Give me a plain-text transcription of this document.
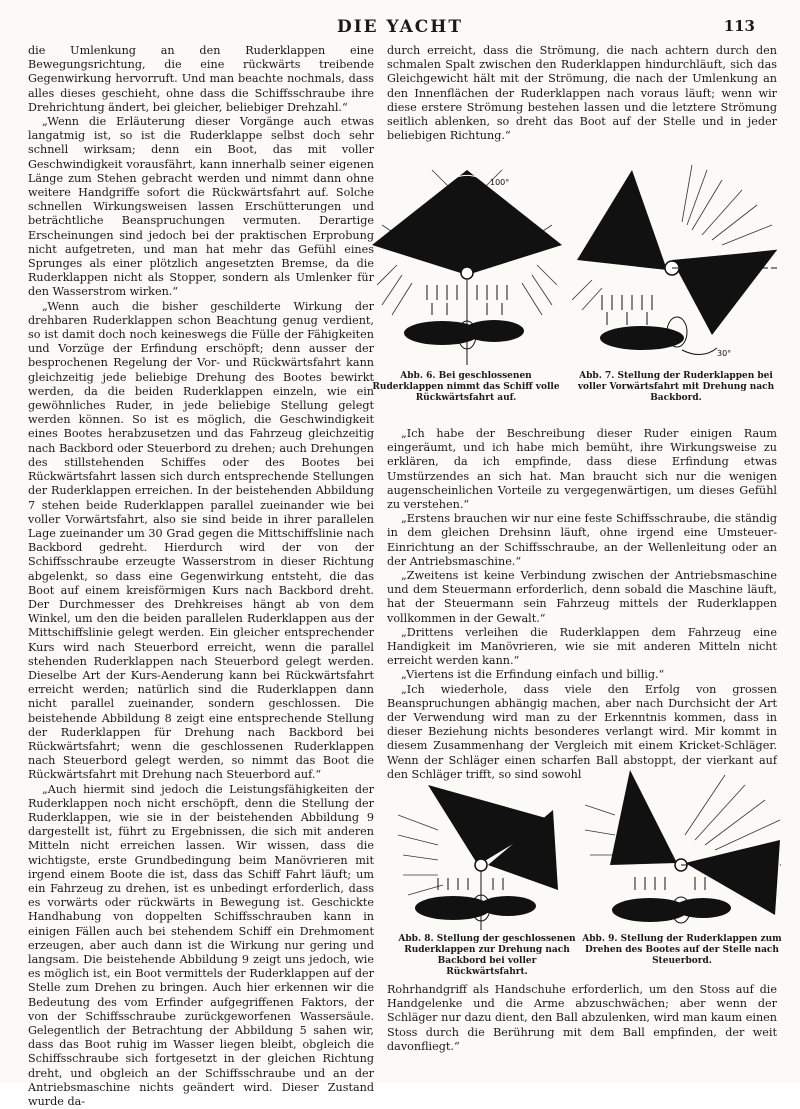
DIE YACHT	113

die Umlenkung an den Ruderklappen eine Bewegungsrichtung, die eine rückwärts treibende Gegenwirkung hervorruft. Und man beachte nochmals, dass alles dieses geschieht, ohne dass die Schiffsschraube ihre Drehrichtung ändert, bei gleicher, beliebiger Drehzahl.“

„Wenn die Erläuterung dieser Vorgänge auch etwas langatmig ist, so ist die Ruderklappe selbst doch sehr schnell wirksam; denn ein Boot, das mit voller Geschwindigkeit vorausfährt, kann innerhalb seiner eigenen Länge zum Stehen gebracht werden und nimmt dann ohne weitere Handgriffe sofort die Rückwärtsfahrt auf. Solche schnellen Wirkungsweisen lassen Erschütterungen und beträchtliche Beanspruchungen vermuten. Derartige Erscheinungen sind jedoch bei der praktischen Erprobung nicht aufgetreten, und man hat mehr das Gefühl eines Sprunges als einer plötzlich angesetzten Bremse, da die Ruderklappen nicht als Stopper, sondern als Umlenker für den Wasserstrom wirken.“

„Wenn auch die bisher geschilderte Wirkung der drehbaren Ruderklappen schon Beachtung genug verdient, so ist damit doch noch keineswegs die Fülle der Fähigkeiten und Vorzüge der Erfindung erschöpft; denn ausser der besprochenen Regelung der Vor- und Rückwärtsfahrt kann gleichzeitig jede beliebige Drehung des Bootes bewirkt werden, da die beiden Ruderklappen einzeln, wie ein gewöhnliches Ruder, in jede beliebige Stellung gelegt werden können. So ist es möglich, die Geschwindigkeit eines Bootes herabzusetzen und das Fahrzeug gleichzeitig nach Backbord oder Steuerbord zu drehen; auch Drehungen des stillstehenden Schiffes oder des Bootes bei Rückwärtsfahrt lassen sich durch entsprechende Stellungen der Ruderklappen erreichen. In der beistehenden Abbildung 7 stehen beide Ruderklappen parallel zueinander wie bei voller Vorwärtsfahrt, also sie sind beide in ihrer parallelen Lage zueinander um 30 Grad gegen die Mittschiffslinie nach Backbord gedreht. Hierdurch wird der von der Schiffsschraube erzeugte Wasserstrom in dieser Richtung abgelenkt, so dass eine Gegenwirkung entsteht, die das Boot auf einem kreisförmigen Kurs nach Backbord dreht. Der Durchmesser des Drehkreises hängt ab von dem Winkel, um den die beiden parallelen Ruderklappen aus der Mittschiffslinie gelegt werden. Ein gleicher entsprechender Kurs wird nach Steuerbord erreicht, wenn die parallel stehenden Ruderklappen nach Steuerbord gelegt werden. Dieselbe Art der Kurs-Aenderung kann bei Rückwärtsfahrt erreicht werden; natürlich sind die Ruderklappen dann nicht parallel zueinander, sondern geschlossen. Die beistehende Abbildung 8 zeigt eine entsprechende Stellung der Ruderklappen für Drehung nach Backbord bei Rückwärtsfahrt; wenn die geschlossenen Ruderklappen nach Steuerbord gelegt werden, so nimmt das Boot die Rückwärtsfahrt mit Drehung nach Steuerbord auf.“

„Auch hiermit sind jedoch die Leistungsfähigkeiten der Ruderklappen noch nicht erschöpft, denn die Stellung der Ruderklappen, wie sie in der beistehenden Abbildung 9 dargestellt ist, führt zu Ergebnissen, die sich mit anderen Mitteln nicht erreichen lassen. Wir wissen, dass die wichtigste, erste Grundbedingung beim Manövrieren mit irgend einem Boote die ist, dass das Schiff Fahrt läuft; um ein Fahrzeug zu drehen, ist es unbedingt erforderlich, dass es vorwärts oder rückwärts in Bewegung ist. Geschickte Handhabung von doppelten Schiffsschrauben kann in einigen Fällen auch bei stehendem Schiff ein Drehmoment erzeugen, aber auch dann ist die Wirkung nur gering und langsam. Die beistehende Abbildung 9 zeigt uns jedoch, wie es möglich ist, ein Boot vermittels der Ruderklappen auf der Stelle zum Drehen zu bringen. Auch hier erkennen wir die Bedeutung des vom Erfinder aufgegriffenen Faktors, der von der Schiffsschraube zurückgeworfenen Wassersäule. Gelegentlich der Betrachtung der Abbildung 5 sahen wir, dass das Boot ruhig im Wasser liegen bleibt, obgleich die Schiffsschraube sich fortgesetzt in der gleichen Richtung dreht, und obgleich an der Schiffsschraube und an der Antriebsmaschine nichts geändert wird. Dieser Zustand wurde da-

durch erreicht, dass die Strömung, die nach achtern durch den schmalen Spalt zwischen den Ruderklappen hindurchläuft, sich das Gleichgewicht hält mit der Strömung, die nach der Umlenkung an den Innenflächen der Ruderklappen nach voraus läuft; wenn wir diese erstere Strömung bestehen lassen und die letztere Strömung seitlich ablenken, so dreht das Boot auf der Stelle und in jeder beliebigen Richtung.“

100°
Abb. 6. Bei geschlossenen Ruderklappen nimmt das Schiff volle Rückwärtsfahrt auf.
30°
Abb. 7. Stellung der Ruderklappen bei voller Vorwärtsfahrt mit Drehung nach Backbord.

„Ich habe der Beschreibung dieser Ruder einigen Raum eingeräumt, und ich habe mich bemüht, ihre Wirkungsweise zu erklären, da ich empfinde, dass diese Erfindung etwas Umstürzendes an sich hat. Man braucht sich nur die wenigen augenscheinlichen Vorteile zu vergegenwärtigen, um dieses Gefühl zu verstehen.“

„Erstens brauchen wir nur eine feste Schiffsschraube, die ständig in dem gleichen Drehsinn läuft, ohne irgend eine Umsteuer-Einrichtung an der Schiffsschraube, an der Wellenleitung oder an der Antriebsmaschine.“

„Zweitens ist keine Verbindung zwischen der Antriebsmaschine und dem Steuermann erforderlich, denn sobald die Maschine läuft, hat der Steuermann sein Fahrzeug mittels der Ruderklappen vollkommen in der Gewalt.“

„Drittens verleihen die Ruderklappen dem Fahrzeug eine Handigkeit im Manövrieren, wie sie mit anderen Mitteln nicht erreicht werden kann.“

„Viertens ist die Erfindung einfach und billig.“

„Ich wiederhole, dass viele den Erfolg von grossen Beanspruchungen abhängig machen, aber nach Durchsicht der Art der Verwendung wird man zu der Erkenntnis kommen, dass in dieser Beziehung nichts besonderes verlangt wird. Mir kommt in diesem Zusammenhang der Vergleich mit einem Kricket-Schläger. Wenn der Schläger einen scharfen Ball abstoppt, der vierkant auf den Schläger trifft, so sind sowohl

Abb. 8. Stellung der geschlossenen Ruderklappen zur Drehung nach Backbord bei voller Rückwärtsfahrt.
Abb. 9. Stellung der Ruderklappen zum Drehen des Bootes auf der Stelle nach Steuerbord.

Rohrhandgriff als Handschuhe erforderlich, um den Stoss auf die Handgelenke und die Arme abzuschwächen; aber wenn der Schläger nur dazu dient, den Ball abzulenken, wird man kaum einen Stoss durch die Berührung mit dem Ball empfinden, der weit davonfliegt.“
